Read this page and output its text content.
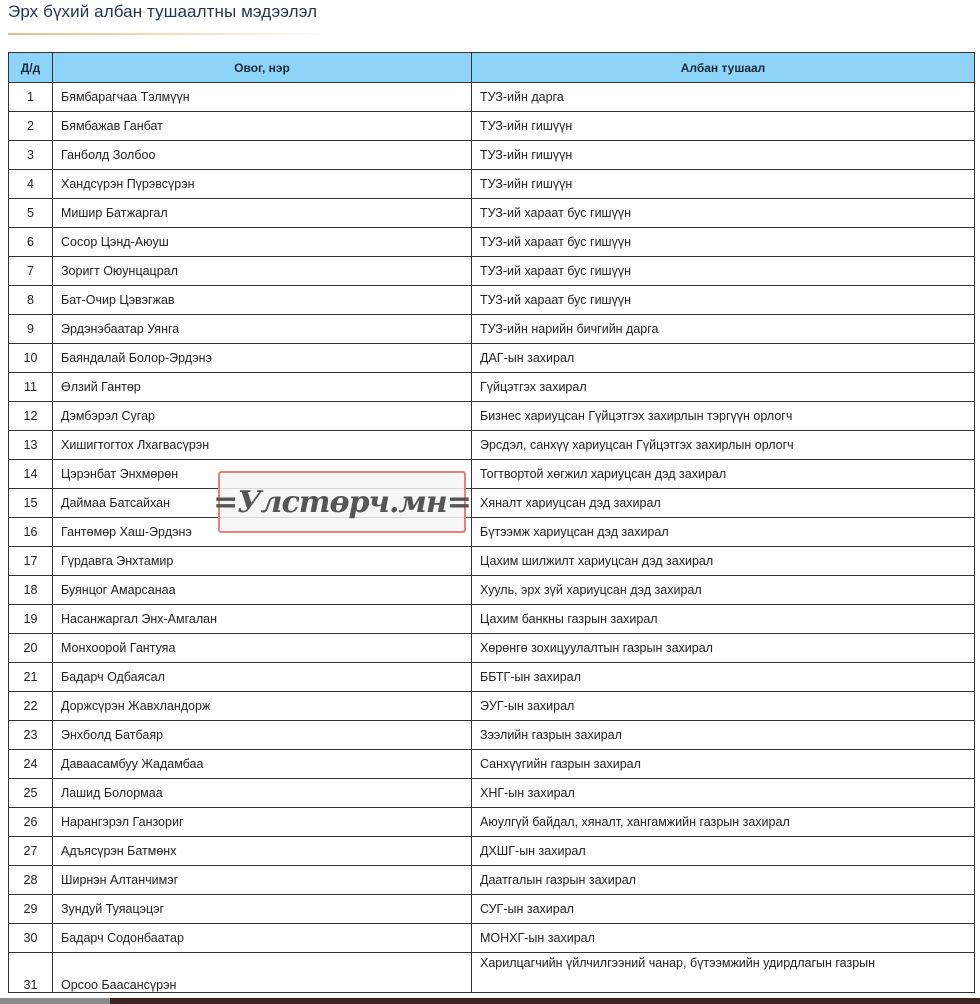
Эрх бүхий албан тушаалтны мэдээлэл
Д/д	Овог, нэр	Албан тушаал
1	Бямбарагчаа Тэлмүүн	ТУЗ-ийн дарга
2	Бямбажав Ганбат	ТУЗ-ийн гишүүн
3	Ганболд Золбоо	ТУЗ-ийн гишүүн
4	Хандсүрэн Пүрэвсүрэн	ТУЗ-ийн гишүүн
5	Мишир Батжаргал	ТУЗ-ий хараат бус гишүүн
6	Сосор Цэнд-Аюуш	ТУЗ-ий хараат бус гишүүн
7	Зоригт Оюунцацрал	ТУЗ-ий хараат бус гишүүн
8	Бат-Очир Цэвэгжав	ТУЗ-ий хараат бус гишүүн
9	Эрдэнэбаатар Уянга	ТУЗ-ийн нарийн бичгийн дарга
10	Баяндалай Болор-Эрдэнэ	ДАГ-ын захирал
11	Өлзий Гантөр	Гүйцэтгэх захирал
12	Дэмбэрэл Сугар	Бизнес хариуцсан Гүйцэтгэх захирлын тэргүүн орлогч
13	Хишигтогтох Лхагвасүрэн	Эрсдэл, санхүү хариуцсан Гүйцэтгэх захирлын орлогч
14	Цэрэнбат Энхмөрөн	Тогтвортой хөгжил хариуцсан дэд захирал
15	Даймаа Батсайхан	Хяналт хариуцсан дэд захирал
16	Гантөмөр Хаш-Эрдэнэ	Бүтээмж хариуцсан дэд захирал
17	Гүрдавга Энхтамир	Цахим шилжилт хариуцсан дэд захирал
18	Буянцог Амарсанаа	Хууль, эрх зүй хариуцсан дэд захирал
19	Насанжаргал Энх-Амгалан	Цахим банкны газрын захирал
20	Монхоорой Гантуяа	Хөрөнгө зохицуулалтын газрын захирал
21	Бадарч Одбаясал	ББТГ-ын захирал
22	Доржсүрэн Жавхландорж	ЭУГ-ын захирал
23	Энхболд Батбаяр	Зээлийн газрын захирал
24	Даваасамбуу Жадамбаа	Санхүүгийн газрын захирал
25	Лашид Болормаа	ХНГ-ын захирал
26	Нарангэрэл Ганзориг	Аюулгүй байдал, хяналт, хангамжийн газрын захирал
27	Адъясүрэн Батмөнх	ДХШГ-ын захирал
28	Ширнэн Алтанчимэг	Даатгалын газрын захирал
29	Зундуй Туяацэцэг	СУГ-ын захирал
30	Бадарч Содонбаатар	МОНХГ-ын захирал
31	Орсоо Баасансүрэн	Харилцагчийн үйлчилгээний чанар, бүтээмжийн удирдлагын газрын
=Улстөрч.мн=
